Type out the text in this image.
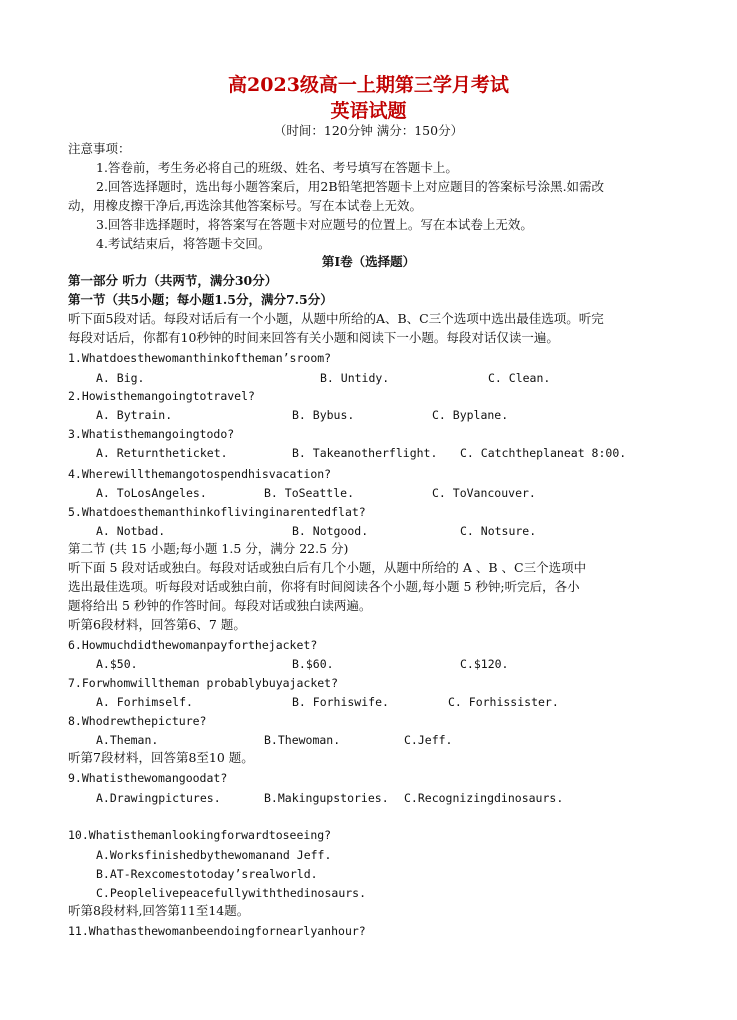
高2023级高一上期第三学月考试
英语试题
（时间：120分钟 满分：150分）
注意事项：
1.答卷前，考生务必将自己的班级、姓名、考号填写在答题卡上。
2.回答选择题时，选出每小题答案后，用2B铅笔把答题卡上对应题目的答案标号涂黑.如需改
动，用橡皮擦干净后,再选涂其他答案标号。写在本试卷上无效。
3.回答非选择题时，将答案写在答题卡对应题号的位置上。写在本试卷上无效。
4.考试结束后，将答题卡交回。
第Ⅰ卷（选择题）
第一部分 听力（共两节，满分30分）
第一节（共5小题；每小题1.5分，满分7.5分）
听下面5段对话。每段对话后有一个小题，从题中所给的A、B、C三个选项中选出最佳选项。听完
每段对话后，你都有10秒钟的时间来回答有关小题和阅读下一小题。每段对话仅读一遍。
1.Whatdoesthewomanthinkoftheman’sroom?
A. Big.	B. Untidy.	C. Clean.
2.Howisthemangoingtotravel?
A. Bytrain.	B. Bybus.	C. Byplane.
3.Whatisthemangoingtodo?
A. Returntheticket.	B. Takeanotherflight. C. Catchtheplaneat 8:00.
4.Wherewillthemangotospendhisvacation?
A. ToLosAngeles.	B. ToSeattle.	C. ToVancouver.
5.Whatdoesthemanthinkoflivinginarentedflat?
A. Notbad.	B. Notgood.	C. Notsure.
第二节 (共 15 小题;每小题 1.5 分，满分 22.5 分)
听下面 5 段对话或独白。每段对话或独白后有几个小题，从题中所给的 A 、B 、C三个选项中
选出最佳选项。听每段对话或独白前，你将有时间阅读各个小题,每小题 5 秒钟;听完后，各小
题将给出 5 秒钟的作答时间。每段对话或独白读两遍。
听第6段材料，回答第6、7 题。
6.Howmuchdidthewomanpayforthejacket?
A.$50.	B.$60.	C.$120.
7.Forwhomwilltheman probablybuyajacket?
A. Forhimself.	B. Forhiswife.	C. Forhissister.
8.Whodrewthepicture?
A.Theman.	B.Thewoman.	C.Jeff.
听第7段材料，回答第8至10 题。
9.Whatisthewomangoodat?
A.Drawingpictures.	B.Makingupstories. C.Recognizingdinosaurs.
10.Whatisthemanlookingforwardtoseeing?
A.Worksfinishedbythewomanand Jeff.
B.AT-Rexcomestotoday’srealworld.
C.Peoplelivepeacefullywiththedinosaurs.
听第8段材料,回答第11至14题。
11.Whathasthewomanbeendoingfornearlyanhour?
